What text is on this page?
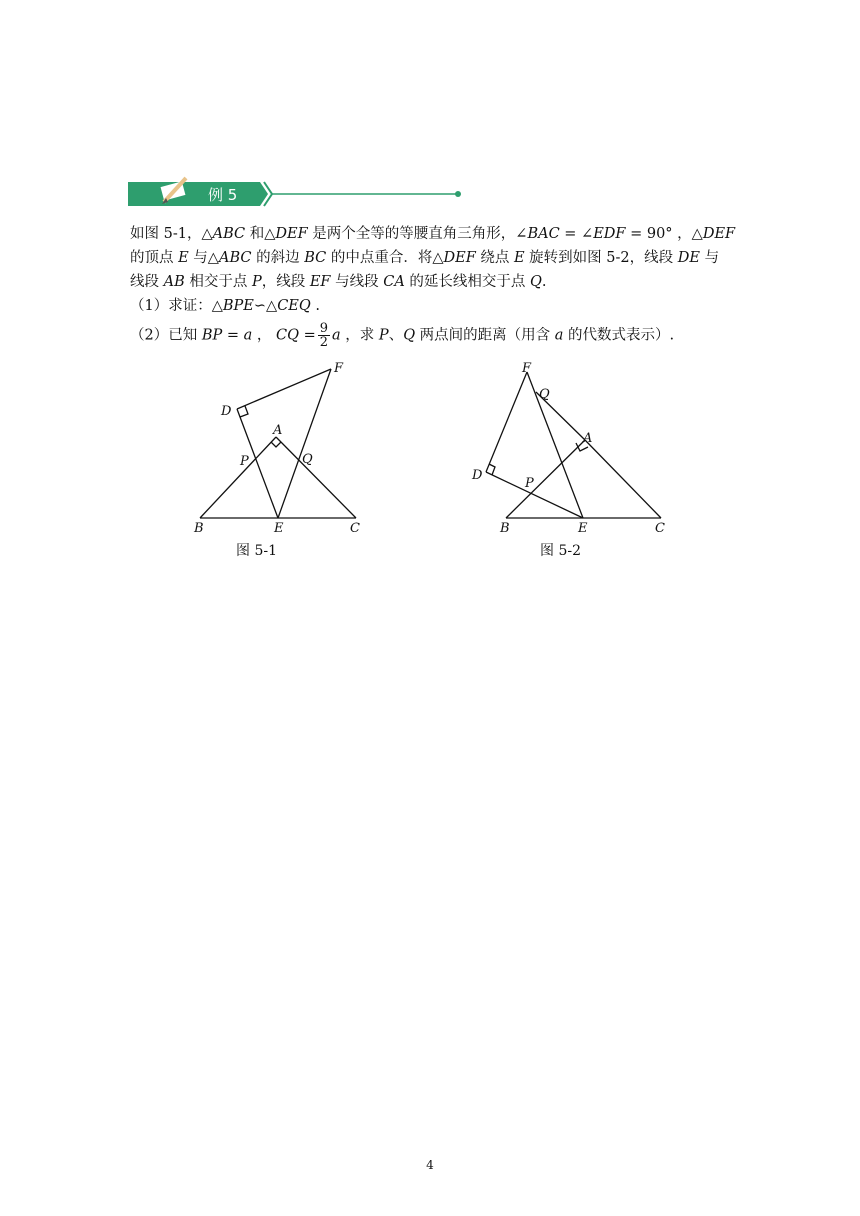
例 5
如图 5-1，△ABC 和△DEF 是两个全等的等腰直角三角形，∠BAC = ∠EDF = 90° ，△DEF
的顶点 E 与△ABC 的斜边 BC 的中点重合．将△DEF 绕点 E 旋转到如图 5-2，线段 DE 与
线段 AB 相交于点 P，线段 EF 与线段 CA 的延长线相交于点 Q.
（1）求证：△BPE∽△CEQ .
（2）已知 BP = a ， CQ = $\frac{9}{2}$ a ，求 P、Q 两点间的距离（用含 a 的代数式表示）.
B	E	C
A
D
F
P	Q
图 5-1
B	E	C
A
D
F
P
Q
图 5-2
4
